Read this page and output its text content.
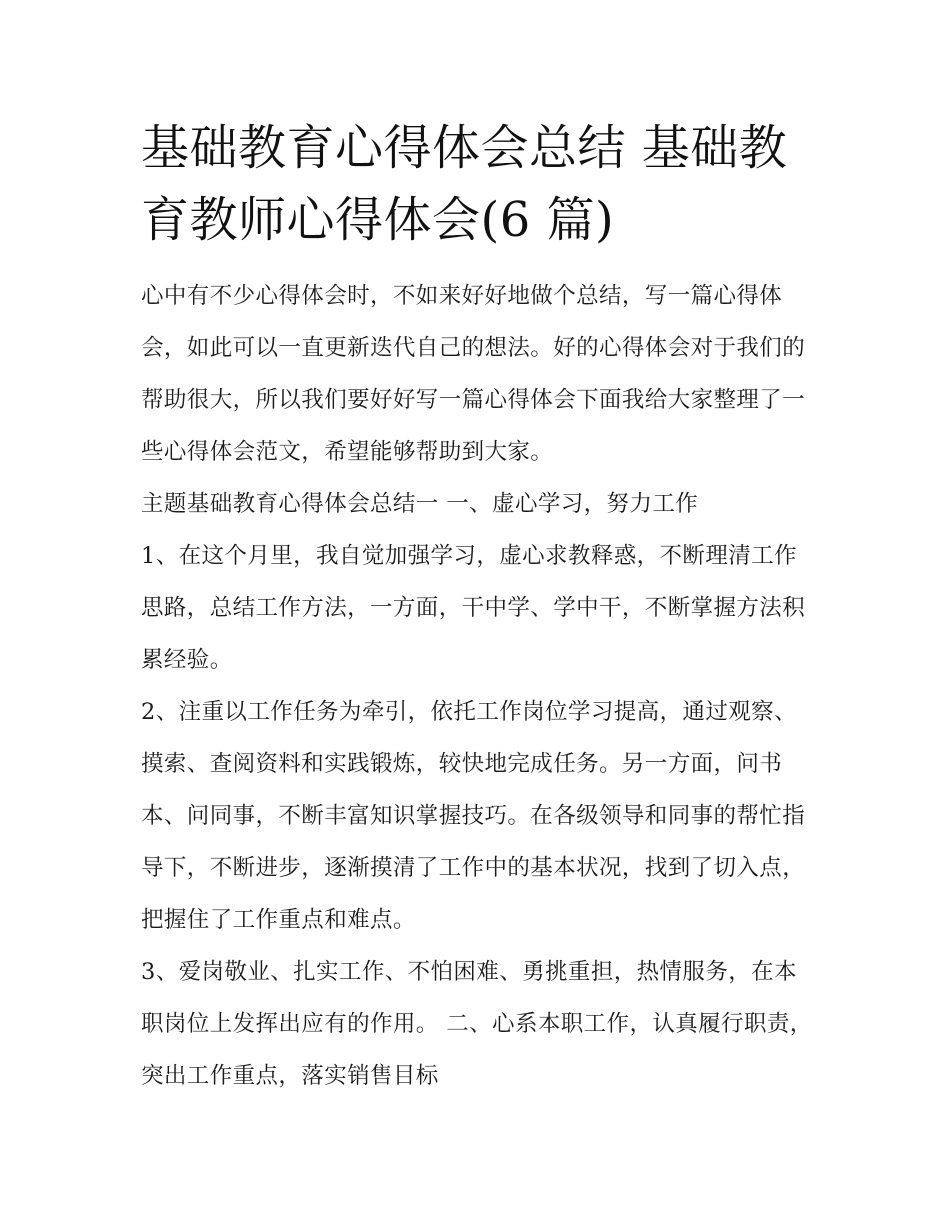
基础教育心得体会总结 基础教育教师心得体会(6 篇)

心中有不少心得体会时，不如来好好地做个总结，写一篇心得体会，如此可以一直更新迭代自己的想法。好的心得体会对于我们的帮助很大，所以我们要好好写一篇心得体会下面我给大家整理了一些心得体会范文，希望能够帮助到大家。

主题基础教育心得体会总结一 一、虚心学习，努力工作

1、在这个月里，我自觉加强学习，虚心求教释惑，不断理清工作思路，总结工作方法，一方面，干中学、学中干，不断掌握方法积累经验。

2、注重以工作任务为牵引，依托工作岗位学习提高，通过观察、摸索、查阅资料和实践锻炼，较快地完成任务。另一方面，问书本、问同事，不断丰富知识掌握技巧。在各级领导和同事的帮忙指导下，不断进步，逐渐摸清了工作中的基本状况，找到了切入点，把握住了工作重点和难点。

3、爱岗敬业、扎实工作、不怕困难、勇挑重担，热情服务，在本职岗位上发挥出应有的作用。 二、心系本职工作，认真履行职责，突出工作重点，落实销售目标
